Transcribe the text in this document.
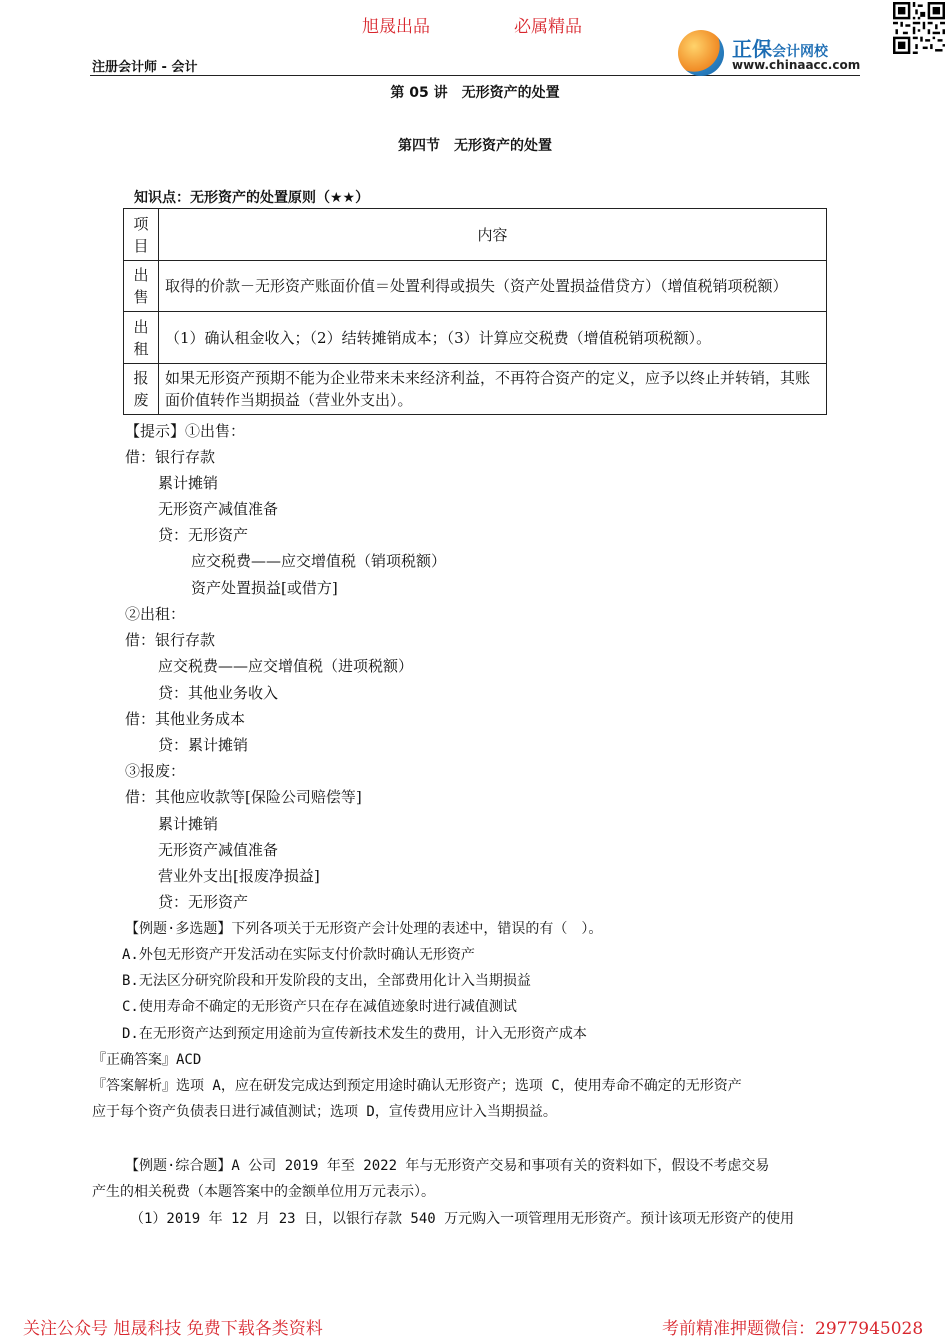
旭晟出品	必属精品
注册会计师 - 会计
正保会计网校
www.chinaacc.com
第 05 讲　无形资产的处置
第四节　无形资产的处置
知识点：无形资产的处置原则（★★）
项目	内容

出售	取得的价款－无形资产账面价值＝处置利得或损失（资产处置损益借贷方）（增值税销项税额）

出租	（1）确认租金收入；（2）结转摊销成本；（3）计算应交税费（增值税销项税额）。

报废	如果无形资产预期不能为企业带来未来经济利益，不再符合资产的定义，应予以终止并转销，其账面价值转作当期损益（营业外支出）。
【提示】①出售：
借：银行存款
累计摊销
无形资产减值准备
贷：无形资产
应交税费——应交增值税（销项税额）
资产处置损益[或借方]
②出租：
借：银行存款
应交税费——应交增值税（进项税额）
贷：其他业务收入
借：其他业务成本
贷：累计摊销
③报废：
借：其他应收款等[保险公司赔偿等]
累计摊销
无形资产减值准备
营业外支出[报废净损益]
贷：无形资产
【例题·多选题】下列各项关于无形资产会计处理的表述中，错误的有（　）。
A.外包无形资产开发活动在实际支付价款时确认无形资产
B.无法区分研究阶段和开发阶段的支出，全部费用化计入当期损益
C.使用寿命不确定的无形资产只在存在减值迹象时进行减值测试
D.在无形资产达到预定用途前为宣传新技术发生的费用，计入无形资产成本
『正确答案』ACD
『答案解析』选项 A，应在研发完成达到预定用途时确认无形资产；选项 C，使用寿命不确定的无形资产
应于每个资产负债表日进行减值测试；选项 D，宣传费用应计入当期损益。
【例题·综合题】A 公司 2019 年至 2022 年与无形资产交易和事项有关的资料如下，假设不考虑交易
产生的相关税费（本题答案中的金额单位用万元表示）。
（1）2019 年 12 月 23 日，以银行存款 540 万元购入一项管理用无形资产。预计该项无形资产的使用
关注公众号 旭晟科技 免费下载各类资料	考前精准押题微信：2977945028
